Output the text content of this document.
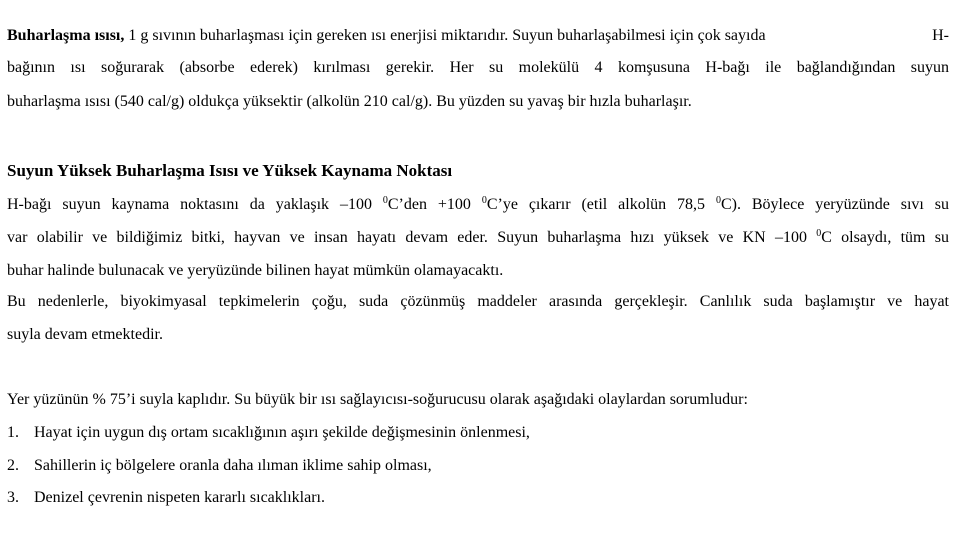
Buharlaşma ısısı, 1 g sıvının buharlaşması için gereken ısı enerjisi miktarıdır. Suyun buharlaşabilmesi için çok sayıda	H-
bağının ısı soğurarak (absorbe ederek) kırılması gerekir. Her su molekülü 4 komşusuna H-bağı ile bağlandığından suyun
buharlaşma ısısı (540 cal/g) oldukça yüksektir (alkolün 210 cal/g). Bu yüzden su yavaş bir hızla buharlaşır.
Suyun Yüksek Buharlaşma Isısı ve Yüksek Kaynama Noktası
H-bağı suyun kaynama noktasını da yaklaşık –100 $^0$C’den +100 $^0$C’ye çıkarır (etil alkolün 78,5 $^0$C). Böylece yeryüzünde sıvı su
var olabilir ve bildiğimiz bitki, hayvan ve insan hayatı devam eder. Suyun buharlaşma hızı yüksek ve KN –100 $^0$C olsaydı, tüm su
buhar halinde bulunacak ve yeryüzünde bilinen hayat mümkün olamayacaktı.
Bu nedenlerle, biyokimyasal tepkimelerin çoğu, suda çözünmüş maddeler arasında gerçekleşir. Canlılık suda başlamıştır ve hayat
suyla devam etmektedir.
Yer yüzünün % 75’i suyla kaplıdır. Su büyük bir ısı sağlayıcısı-soğurucusu olarak aşağıdaki olaylardan sorumludur:
1. Hayat için uygun dış ortam sıcaklığının aşırı şekilde değişmesinin önlenmesi,
2. Sahillerin iç bölgelere oranla daha ılıman iklime sahip olması,
3. Denizel çevrenin nispeten kararlı sıcaklıkları.
